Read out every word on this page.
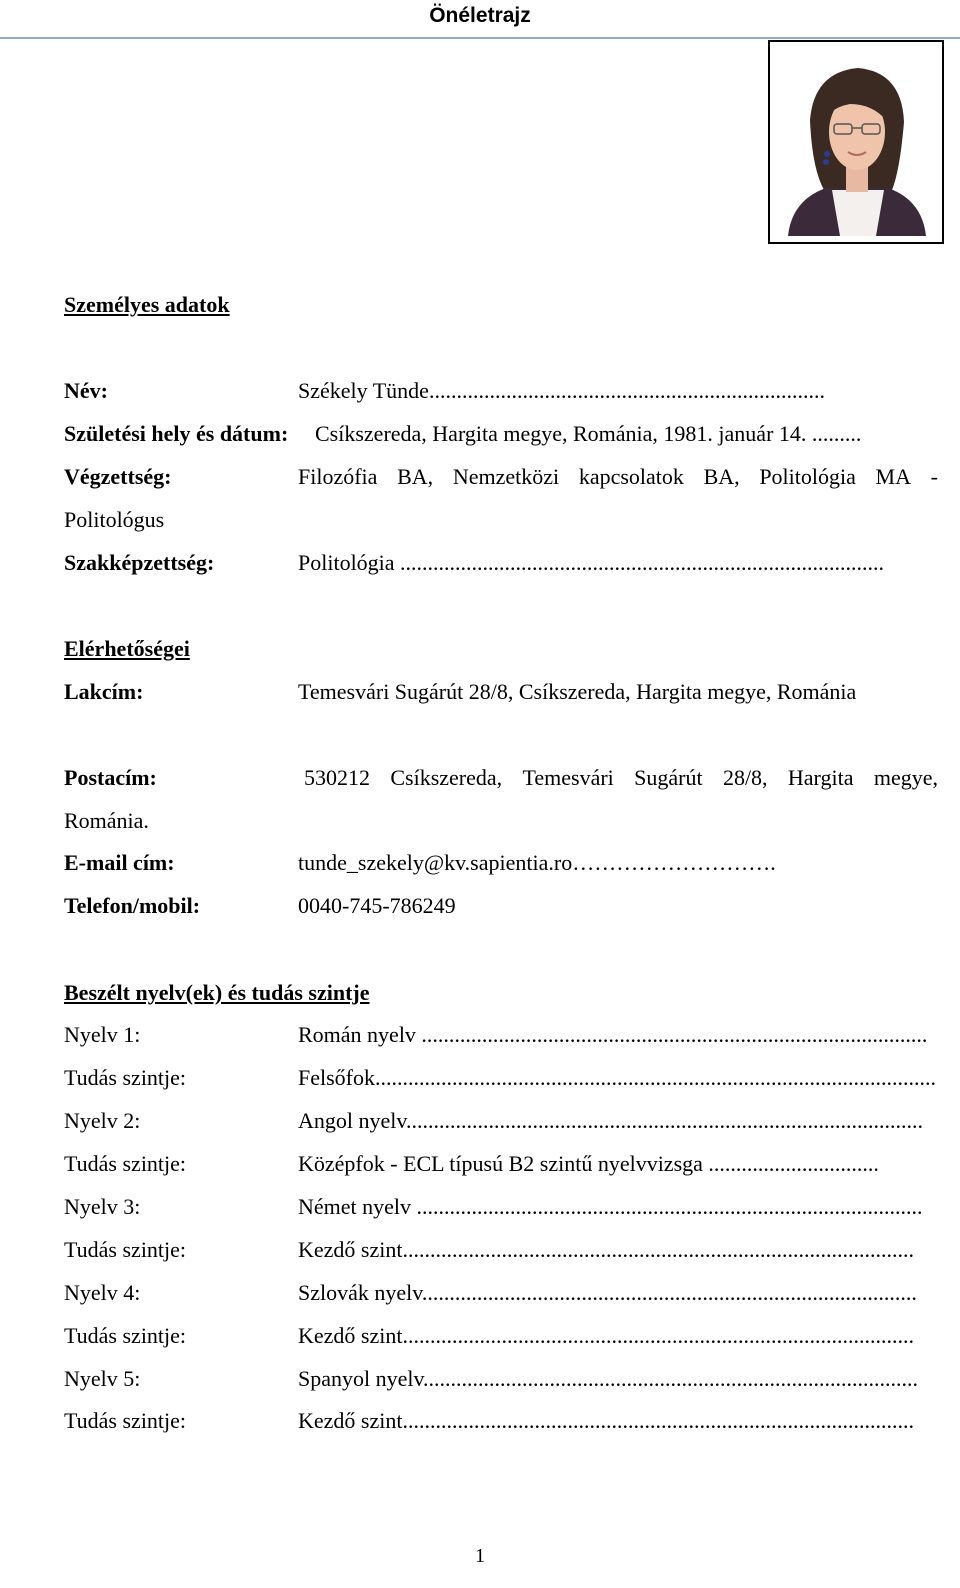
Önéletrajz
Személyes adatok
Név:	Székely Tünde........................................................................
Születési hely és dátum: Csíkszereda, Hargita megye, Románia, 1981. január 14. .........
Végzettség:	Filozófia BA, Nemzetközi kapcsolatok BA, Politológia MA -
Politológus
Szakképzettség:	Politológia ........................................................................................
Elérhetőségei
Lakcím:	Temesvári Sugárút 28/8, Csíkszereda, Hargita megye, Románia
Postacím:	530212 Csíkszereda, Temesvári Sugárút 28/8, Hargita megye,
Románia.
E-mail cím:	tunde_szekely@kv.sapientia.ro……………………….
Telefon/mobil:	0040-745-786249
Beszélt nyelv(ek) és tudás szintje
Nyelv 1:	Román nyelv ............................................................................................
Tudás szintje:	Felsőfok......................................................................................................
Nyelv 2:	Angol nyelv..............................................................................................
Tudás szintje:	Középfok - ECL típusú B2 szintű nyelvvizsga ...............................
Nyelv 3:	Német nyelv ............................................................................................
Tudás szintje:	Kezdő szint.............................................................................................
Nyelv 4:	Szlovák nyelv..........................................................................................
Tudás szintje:	Kezdő szint.............................................................................................
Nyelv 5:	Spanyol nyelv..........................................................................................
Tudás szintje:	Kezdő szint.............................................................................................
1
